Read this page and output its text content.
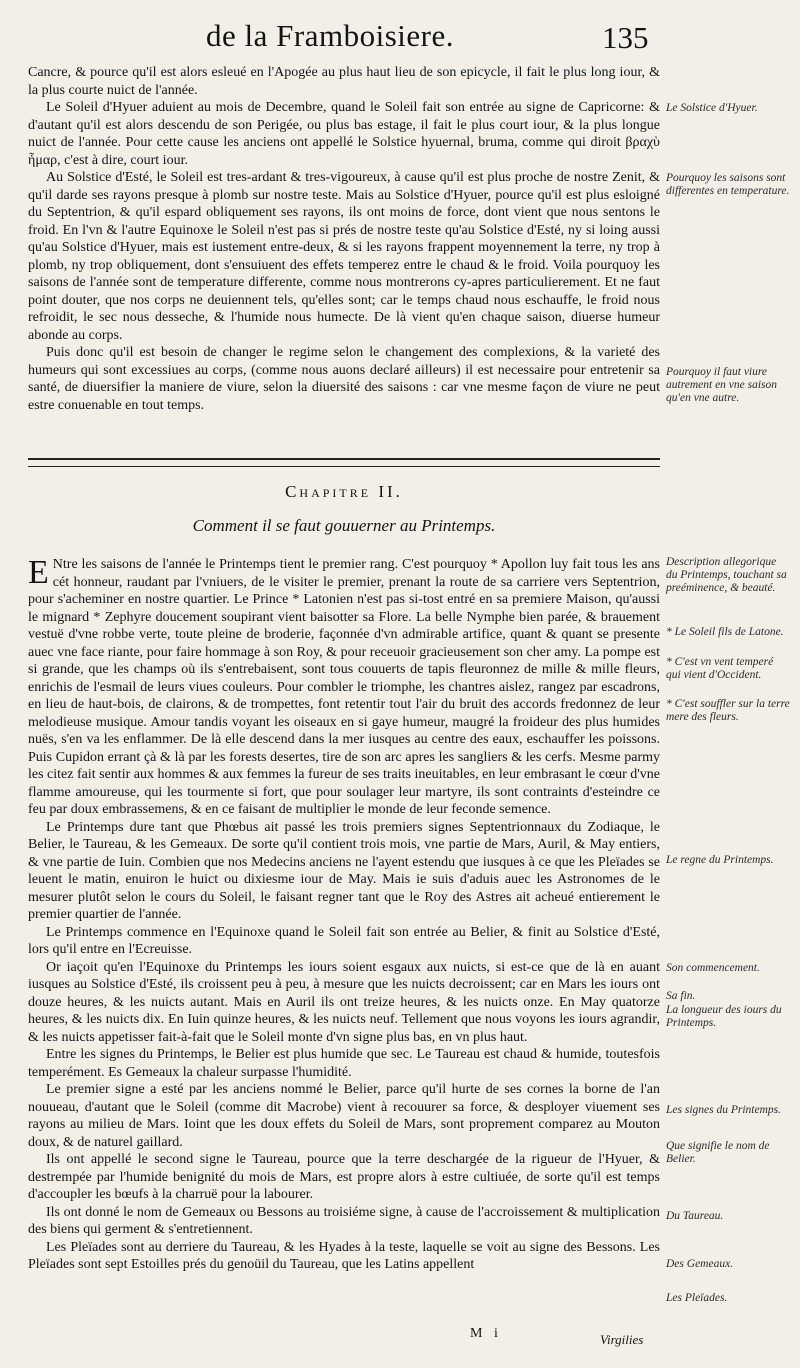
de la Framboisiere.	135

Cancre, & pource qu'il est alors esleué en l'Apogée au plus haut lieu de son epicycle, il fait le plus long iour, & la plus courte nuict de l'année.

Le Soleil d'Hyuer aduient au mois de Decembre, quand le Soleil fait son entrée au signe de Capricorne: & d'autant qu'il est alors descendu de son Perigée, ou plus bas estage, il fait le plus court iour, & la plus longue nuict de l'année. Pour cette cause les anciens ont appellé le Solstice hyuernal, bruma, comme qui diroit βραχὺ ἦμαρ, c'est à dire, court iour.

Au Solstice d'Esté, le Soleil est tres-ardant & tres-vigoureux, à cause qu'il est plus proche de nostre Zenit, & qu'il darde ses rayons presque à plomb sur nostre teste. Mais au Solstice d'Hyuer, pource qu'il est plus esloigné du Septentrion, & qu'il espard obliquement ses rayons, ils ont moins de force, dont vient que nous sentons le froid. En l'vn & l'autre Equinoxe le Soleil n'est pas si prés de nostre teste qu'au Solstice d'Esté, ny si loing aussi qu'au Solstice d'Hyuer, mais est iustement entre-deux, & si les rayons frappent moyennement la terre, ny trop à plomb, ny trop obliquement, dont s'ensuiuent des effets temperez entre le chaud & le froid. Voila pourquoy les saisons de l'année sont de temperature differente, comme nous montrerons cy-apres particulierement. Et ne faut point douter, que nos corps ne deuiennent tels, qu'elles sont; car le temps chaud nous eschauffe, le froid nous refroidit, le sec nous desseche, & l'humide nous humecte. De là vient qu'en chaque saison, diuerse humeur abonde au corps.

Puis donc qu'il est besoin de changer le regime selon le changement des complexions, & la varieté des humeurs qui sont excessiues au corps, (comme nous auons declaré ailleurs) il est necessaire pour entretenir sa santé, de diuersifier la maniere de viure, selon la diuersité des saisons : car vne mesme façon de viure ne peut estre conuenable en tout temps.

Chapitre II.
Comment il se faut gouuerner au Printemps.

E Ntre les saisons de l'année le Printemps tient le premier rang. C'est pourquoy * Apollon luy fait tous les ans cét honneur, raudant par l'vniuers, de le visiter le premier, prenant la route de sa carriere vers Septentrion, pour s'acheminer en nostre quartier. Le Prince * Latonien n'est pas si-tost entré en sa premiere Maison, qu'aussi le mignard * Zephyre doucement soupirant vient baisotter sa Flore. La belle Nymphe bien parée, & brauement vestuë d'vne robbe verte, toute pleine de broderie, façonnée d'vn admirable artifice, quant & quant se presente auec vne face riante, pour faire hommage à son Roy, & pour receuoir gracieusement son cher amy. La pompe est si grande, que les champs où ils s'entrebaisent, sont tous couuerts de tapis fleuronnez de mille & mille fleurs, enrichis de l'esmail de leurs viues couleurs. Pour combler le triomphe, les chantres aislez, rangez par escadrons, en lieu de haut-bois, de clairons, & de trompettes, font retentir tout l'air du bruit des accords fredonnez de leur melodieuse musique. Amour tandis voyant les oiseaux en si gaye humeur, maugré la froideur des plus humides nuës, s'en va les enflammer. De là elle descend dans la mer iusques au centre des eaux, eschauffer les poissons. Puis Cupidon errant çà & là par les forests desertes, tire de son arc apres les sangliers & les cerfs. Mesme parmy les citez fait sentir aux hommes & aux femmes la fureur de ses traits ineuitables, en leur embrasant le cœur d'vne flamme amoureuse, qui les tourmente si fort, que pour soulager leur martyre, ils sont contraints d'esteindre ce feu par doux embrassemens, & en ce faisant de multiplier le monde de leur feconde semence.

Le Printemps dure tant que Phœbus ait passé les trois premiers signes Septentrionnaux du Zodiaque, le Belier, le Taureau, & les Gemeaux. De sorte qu'il contient trois mois, vne partie de Mars, Auril, & May entiers, & vne partie de Iuin. Combien que nos Medecins anciens ne l'ayent estendu que iusques à ce que les Pleïades se leuent le matin, enuiron le huict ou dixiesme iour de May. Mais ie suis d'aduis auec les Astronomes de le mesurer plutôt selon le cours du Soleil, le faisant regner tant que le Roy des Astres ait acheué entierement le premier quartier de l'année.

Le Printemps commence en l'Equinoxe quand le Soleil fait son entrée au Belier, & finit au Solstice d'Esté, lors qu'il entre en l'Ecreuisse.

Or iaçoit qu'en l'Equinoxe du Printemps les iours soient esgaux aux nuicts, si est-ce que de là en auant iusques au Solstice d'Esté, ils croissent peu à peu, à mesure que les nuicts decroissent; car en Mars les iours ont douze heures, & les nuicts autant. Mais en Auril ils ont treize heures, & les nuicts onze. En May quatorze heures, & les nuicts dix. En Iuin quinze heures, & les nuicts neuf. Tellement que nous voyons les iours agrandir, & les nuicts appetisser fait-à-fait que le Soleil monte d'vn signe plus bas, en vn plus haut.

Entre les signes du Printemps, le Belier est plus humide que sec. Le Taureau est chaud & humide, toutesfois temperément. Es Gemeaux la chaleur surpasse l'humidité.

Le premier signe a esté par les anciens nommé le Belier, parce qu'il hurte de ses cornes la borne de l'an nouueau, d'autant que le Soleil (comme dit Macrobe) vient à recouurer sa force, & desployer viuement ses rayons au milieu de Mars. Ioint que les doux effets du Soleil de Mars, sont proprement comparez au Mouton doux, & de naturel gaillard.

Ils ont appellé le second signe le Taureau, pource que la terre deschargée de la rigueur de l'Hyuer, & destrempée par l'humide benignité du mois de Mars, est propre alors à estre cultiuée, de sorte qu'il est temps d'accoupler les bœufs à la charruë pour la labourer.

Ils ont donné le nom de Gemeaux ou Bessons au troisiéme signe, à cause de l'accroissement & multiplication des biens qui germent & s'entretiennent.

Les Pleïades sont au derriere du Taureau, & les Hyades à la teste, laquelle se voit au signe des Bessons. Les Pleïades sont sept Estoilles prés du genoüil du Taureau, que les Latins appellent

Le Solstice d'Hyuer.
Pourquoy les saisons sont differentes en temperature.
Pourquoy il faut viure autrement en vne saison qu'en vne autre.
Description allegorique du Printemps, touchant sa preéminence, & beauté.
* Le Soleil fils de Latone.
* C'est vn vent temperé qui vient d'Occident.
* C'est souffler sur la terre mere des fleurs.
Le regne du Printemps.
Son commencement.
Sa fin.
La longueur des iours du Printemps.
Les signes du Printemps.
Que signifie le nom de Belier.
Du Taureau.
Des Gemeaux.
Les Pleïades.
M i	Virgilies
